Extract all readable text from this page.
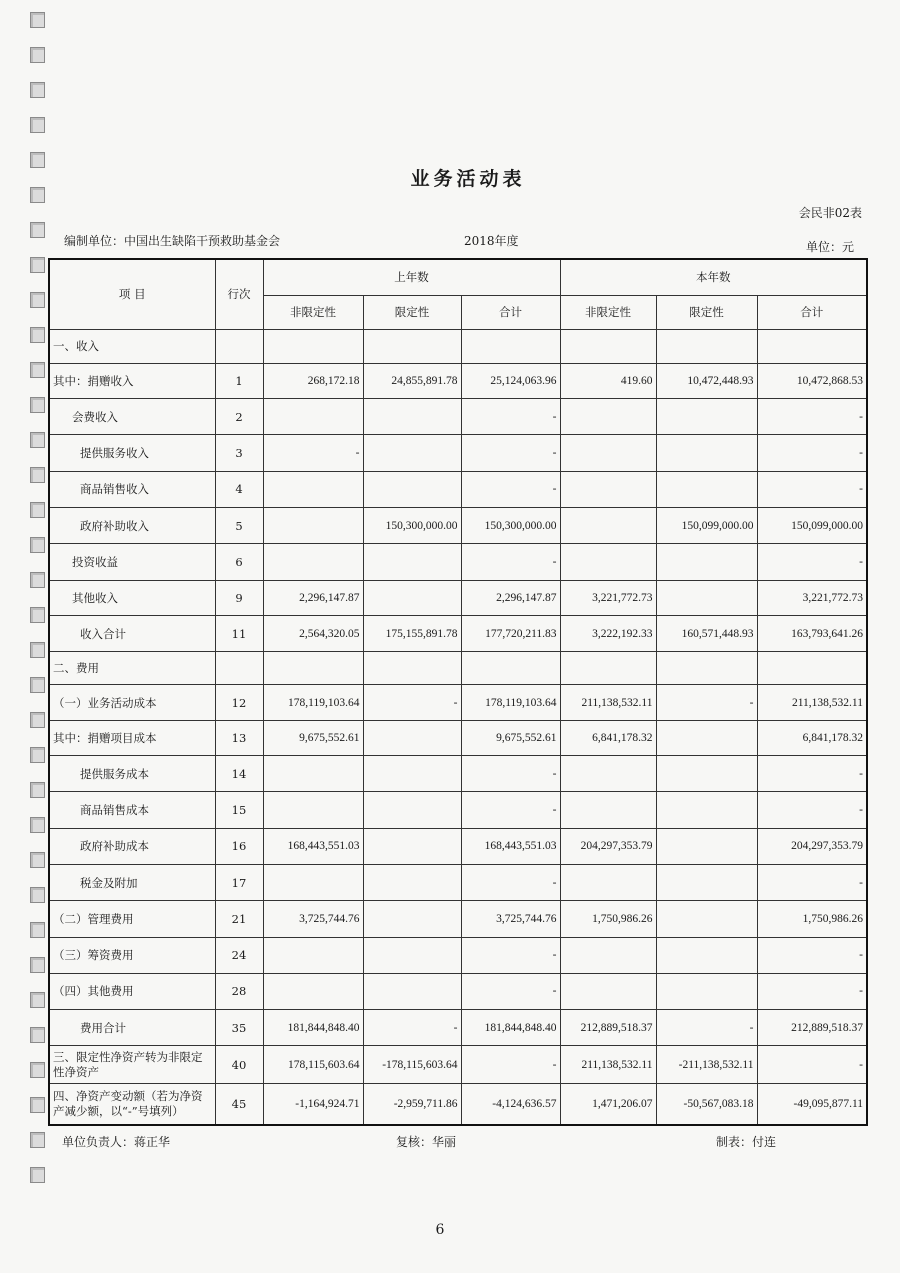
业务活动表
会民非02表
编制单位：中国出生缺陷干预救助基金会	2018年度	单位：元
项 目	行次	上年数			本年数		
		非限定性	限定性	合计	非限定性	限定性	合计
一、收入							
其中：捐赠收入	1	268,172.18	24,855,891.78	25,124,063.96	419.60	10,472,448.93	10,472,868.53
会费收入	2			-			-
提供服务收入	3	-		-			-
商品销售收入	4			-			-
政府补助收入	5		150,300,000.00	150,300,000.00		150,099,000.00	150,099,000.00
投资收益	6			-			-
其他收入	9	2,296,147.87		2,296,147.87	3,221,772.73		3,221,772.73
收入合计	11	2,564,320.05	175,155,891.78	177,720,211.83	3,222,192.33	160,571,448.93	163,793,641.26
二、费用							
（一）业务活动成本	12	178,119,103.64	-	178,119,103.64	211,138,532.11	-	211,138,532.11
其中：捐赠项目成本	13	9,675,552.61		9,675,552.61	6,841,178.32		6,841,178.32
提供服务成本	14			-			-
商品销售成本	15			-			-
政府补助成本	16	168,443,551.03		168,443,551.03	204,297,353.79		204,297,353.79
税金及附加	17			-			-
（二）管理费用	21	3,725,744.76		3,725,744.76	1,750,986.26		1,750,986.26
（三）筹资费用	24			-			-
（四）其他费用	28			-			-
费用合计	35	181,844,848.40	-	181,844,848.40	212,889,518.37	-	212,889,518.37
三、限定性净资产转为非限定性净资产	40	178,115,603.64	-178,115,603.64	-	211,138,532.11	-211,138,532.11	-
四、净资产变动额（若为净资产减少额，以“-”号填列）	45	-1,164,924.71	-2,959,711.86	-4,124,636.57	1,471,206.07	-50,567,083.18	-49,095,877.11
单位负责人：蒋正华	复核：华丽	制表：付连
6
